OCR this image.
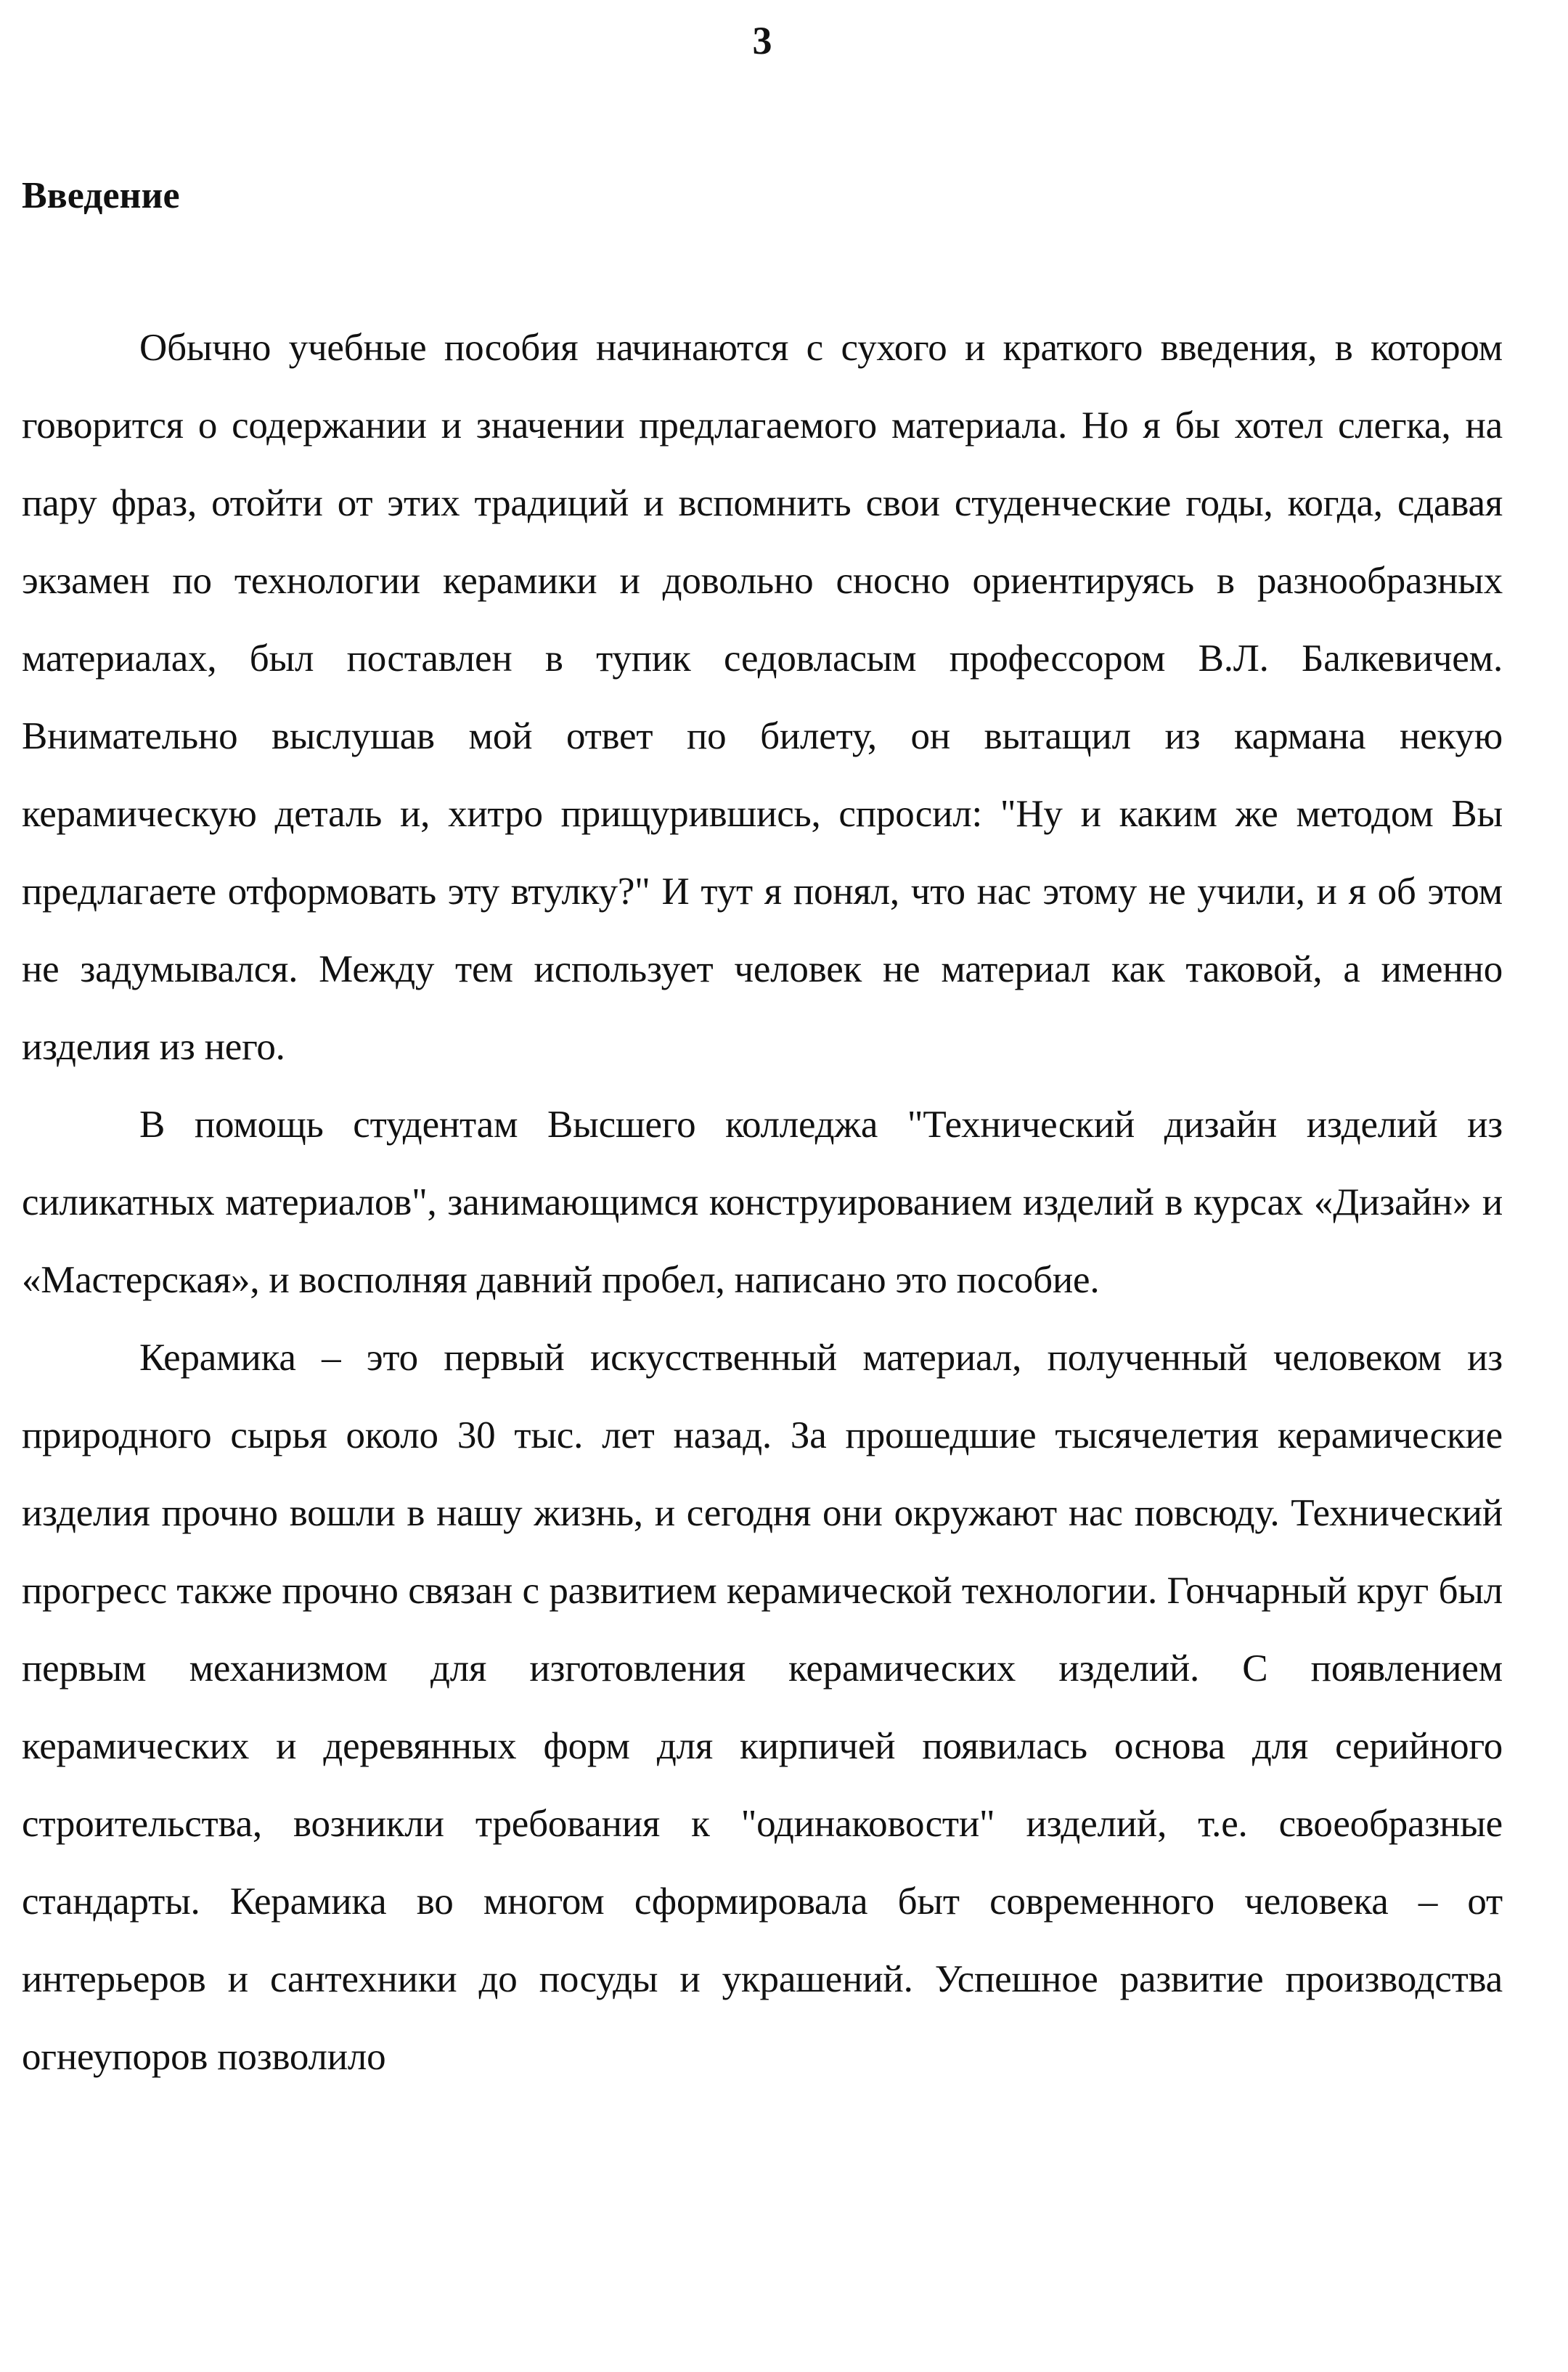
3

Введение

Обычно учебные пособия начинаются с сухого и краткого введения, в котором говорится о содержании и значении предлагаемого материала. Но я бы хотел слегка, на пару фраз, отойти от этих традиций и вспомнить свои студенческие годы, когда, сдавая экзамен по технологии керамики и довольно сносно ориентируясь в разнообразных материалах, был поставлен в тупик седовласым профессором В.Л. Балкевичем. Внимательно выслушав мой ответ по билету, он вытащил из кармана некую керамическую деталь и, хитро прищурившись, спросил: "Ну и каким же методом Вы предлагаете отформовать эту втулку?" И тут я понял, что нас этому не учили, и я об этом не задумывался. Между тем использует человек не материал как таковой, а именно изделия из него.

В помощь студентам Высшего колледжа "Технический дизайн изделий из силикатных материалов", занимающимся конструированием изделий в курсах «Дизайн» и «Мастерская», и восполняя давний пробел, написано это пособие.

Керамика – это первый искусственный материал, полученный человеком из природного сырья около 30 тыс. лет назад. За прошедшие тысячелетия керамические изделия прочно вошли в нашу жизнь, и сегодня они окружают нас повсюду. Технический прогресс также прочно связан с развитием керамической технологии. Гончарный круг был первым механизмом для изготовления керамических изделий. С появлением керамических и деревянных форм для кирпичей появилась основа для серийного строительства, возникли требования к "одинаковости" изделий, т.е. своеобразные стандарты. Керамика во многом сформировала быт современного человека – от интерьеров и сантехники до посуды и украшений. Успешное развитие производства огнеупоров позволило
